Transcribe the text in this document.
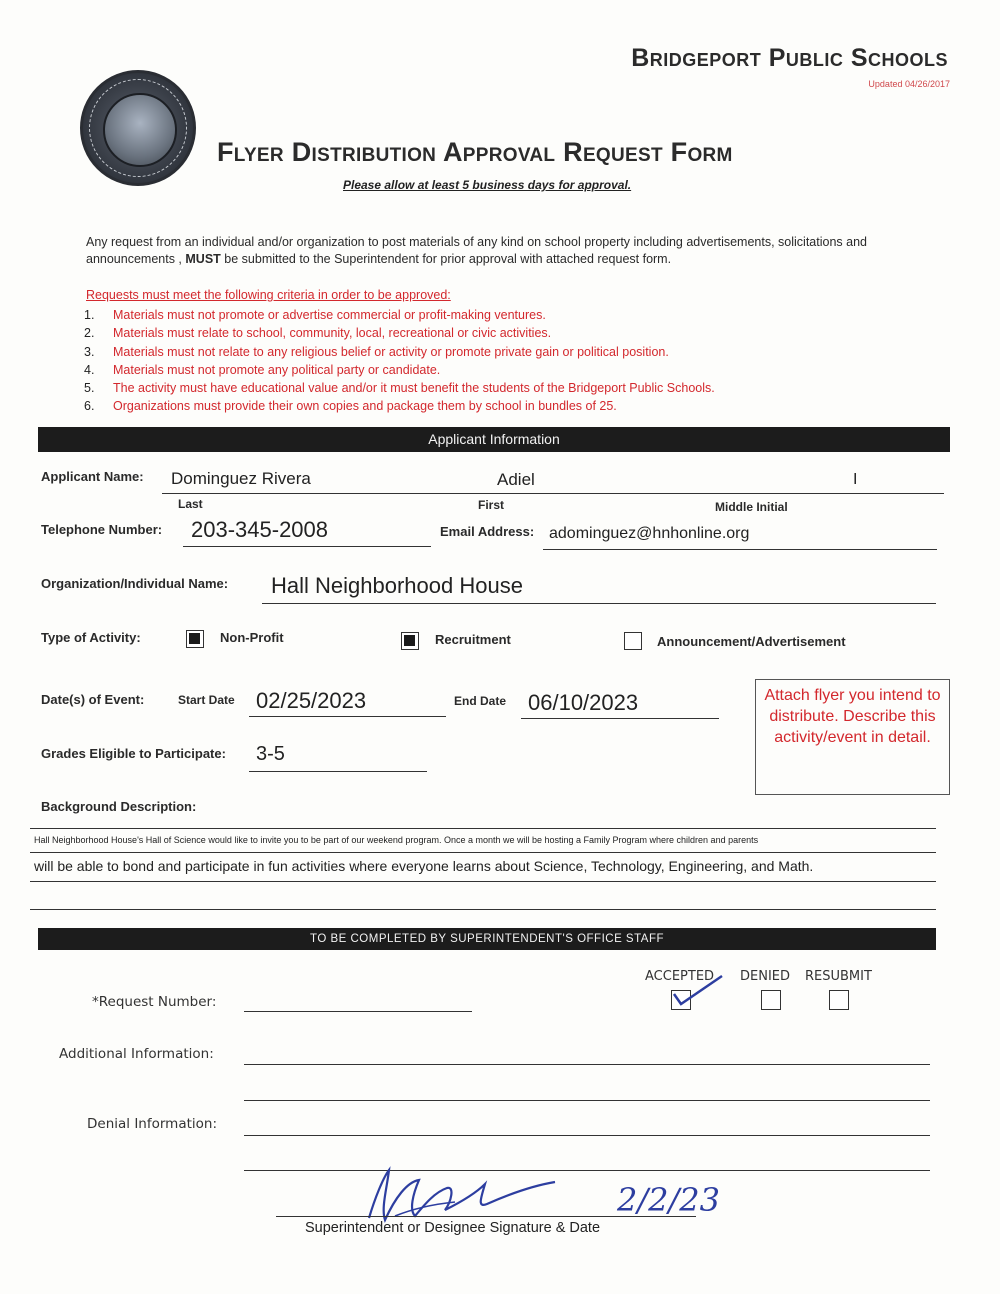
Bridgeport Public Schools
Updated 04/26/2017
Flyer Distribution Approval Request Form
Please allow at least 5 business days for approval.
Any request from an individual and/or organization to post materials of any kind on school property including advertisements, solicitations and announcements , MUST be submitted to the Superintendent for prior approval with attached request form.
Requests must meet the following criteria in order to be approved:
1. Materials must not promote or advertise commercial or profit-making ventures.
2. Materials must relate to school, community, local, recreational or civic activities.
3. Materials must not relate to any religious belief or activity or promote private gain or political position.
4. Materials must not promote any political party or candidate.
5. The activity must have educational value and/or it must benefit the students of the Bridgeport Public Schools.
6. Organizations must provide their own copies and package them by school in bundles of 25.
Applicant Information
Applicant Name: Dominguez Rivera	Adiel	I
Last	First	Middle Initial
Telephone Number: 203-345-2008	Email Address: adominguez@hnhonline.org
Organization/Individual Name: Hall Neighborhood House
Type of Activity:	Non-Profit	Recruitment	Announcement/Advertisement
Date(s) of Event:	Start Date 02/25/2023	End Date 06/10/2023
Grades Eligible to Participate: 3-5
Attach flyer you intend to distribute. Describe this activity/event in detail.
Background Description:
Hall Neighborhood House's Hall of Science would like to invite you to be part of our weekend program. Once a month we will be hosting a Family Program where children and parents
will be able to bond and participate in fun activities where everyone learns about Science, Technology, Engineering, and Math.
TO BE COMPLETED BY SUPERINTENDENT'S OFFICE STAFF
ACCEPTED DENIED RESUBMIT
*Request Number:
Additional Information:
Denial Information:
2/2/23
Superintendent or Designee Signature & Date
